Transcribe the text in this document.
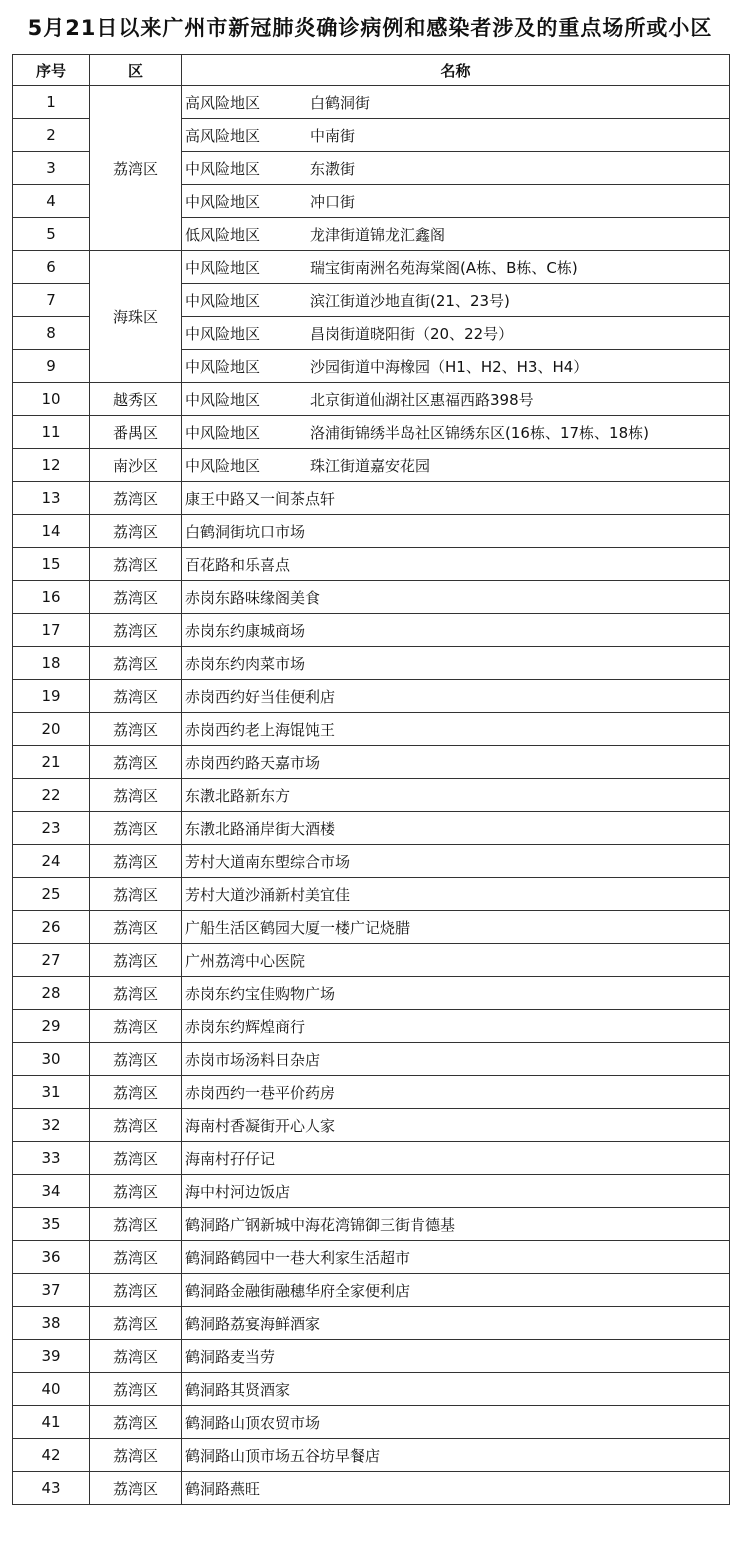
5月21日以来广州市新冠肺炎确诊病例和感染者涉及的重点场所或小区
序号	区	名称
1	荔湾区	高风险地区 白鹤洞街
2		高风险地区 中南街
3		中风险地区 东漖街
4		中风险地区 冲口街
5		低风险地区 龙津街道锦龙汇鑫阁
6	海珠区	中风险地区 瑞宝街南洲名苑海棠阁(A栋、B栋、C栋)
7		中风险地区 滨江街道沙地直街(21、23号)
8		中风险地区 昌岗街道晓阳街（20、22号）
9		中风险地区 沙园街道中海橡园（H1、H2、H3、H4）
10	越秀区	中风险地区 北京街道仙湖社区惠福西路398号
11	番禺区	中风险地区 洛浦街锦绣半岛社区锦绣东区(16栋、17栋、18栋)
12	南沙区	中风险地区 珠江街道嘉安花园
13	荔湾区	康王中路又一间茶点轩
14	荔湾区	白鹤洞街坑口市场
15	荔湾区	百花路和乐喜点
16	荔湾区	赤岗东路味缘阁美食
17	荔湾区	赤岗东约康城商场
18	荔湾区	赤岗东约肉菜市场
19	荔湾区	赤岗西约好当佳便利店
20	荔湾区	赤岗西约老上海馄饨王
21	荔湾区	赤岗西约路天嘉市场
22	荔湾区	东漖北路新东方
23	荔湾区	东漖北路涌岸街大酒楼
24	荔湾区	芳村大道南东塱综合市场
25	荔湾区	芳村大道沙涌新村美宜佳
26	荔湾区	广船生活区鹤园大厦一楼广记烧腊
27	荔湾区	广州荔湾中心医院
28	荔湾区	赤岗东约宝佳购物广场
29	荔湾区	赤岗东约辉煌商行
30	荔湾区	赤岗市场汤料日杂店
31	荔湾区	赤岗西约一巷平价药房
32	荔湾区	海南村香凝街开心人家
33	荔湾区	海南村孖仔记
34	荔湾区	海中村河边饭店
35	荔湾区	鹤洞路广钢新城中海花湾锦御三街肯德基
36	荔湾区	鹤洞路鹤园中一巷大利家生活超市
37	荔湾区	鹤洞路金融街融穗华府全家便利店
38	荔湾区	鹤洞路荔宴海鲜酒家
39	荔湾区	鹤洞路麦当劳
40	荔湾区	鹤洞路其贤酒家
41	荔湾区	鹤洞路山顶农贸市场
42	荔湾区	鹤洞路山顶市场五谷坊早餐店
43	荔湾区	鹤洞路燕旺
